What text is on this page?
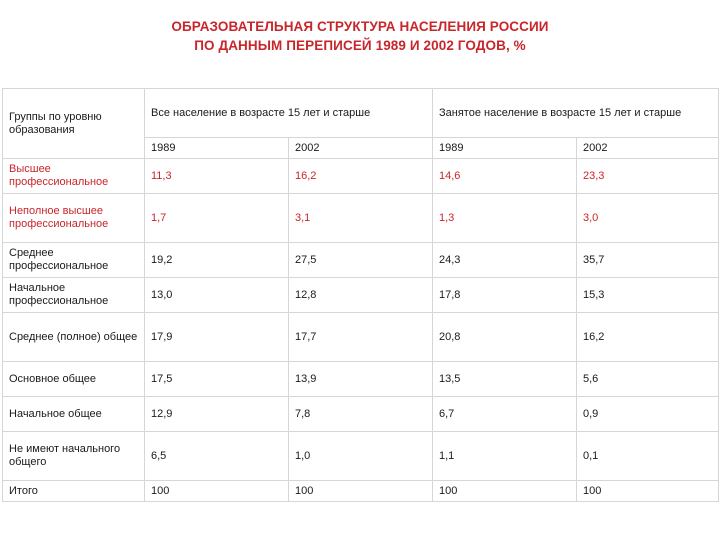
ОБРАЗОВАТЕЛЬНАЯ СТРУКТУРА НАСЕЛЕНИЯ РОССИИ
ПО ДАННЫМ ПЕРЕПИСЕЙ 1989 И 2002 ГОДОВ, %
Группы по уровню образования	Все население в возрасте 15 лет и старше		Занятое население в возрасте 15 лет и старше	
	1989	2002	1989	2002
Высшее профессиональное	11,3	16,2	14,6	23,3
Неполное высшее профессиональное	1,7	3,1	1,3	3,0
Среднее профессиональное	19,2	27,5	24,3	35,7
Начальное профессиональное	13,0	12,8	17,8	15,3
Среднее (полное) общее	17,9	17,7	20,8	16,2
Основное общее	17,5	13,9	13,5	5,6
Начальное общее	12,9	7,8	6,7	0,9
Не имеют начального общего	6,5	1,0	1,1	0,1
Итого	100	100	100	100
